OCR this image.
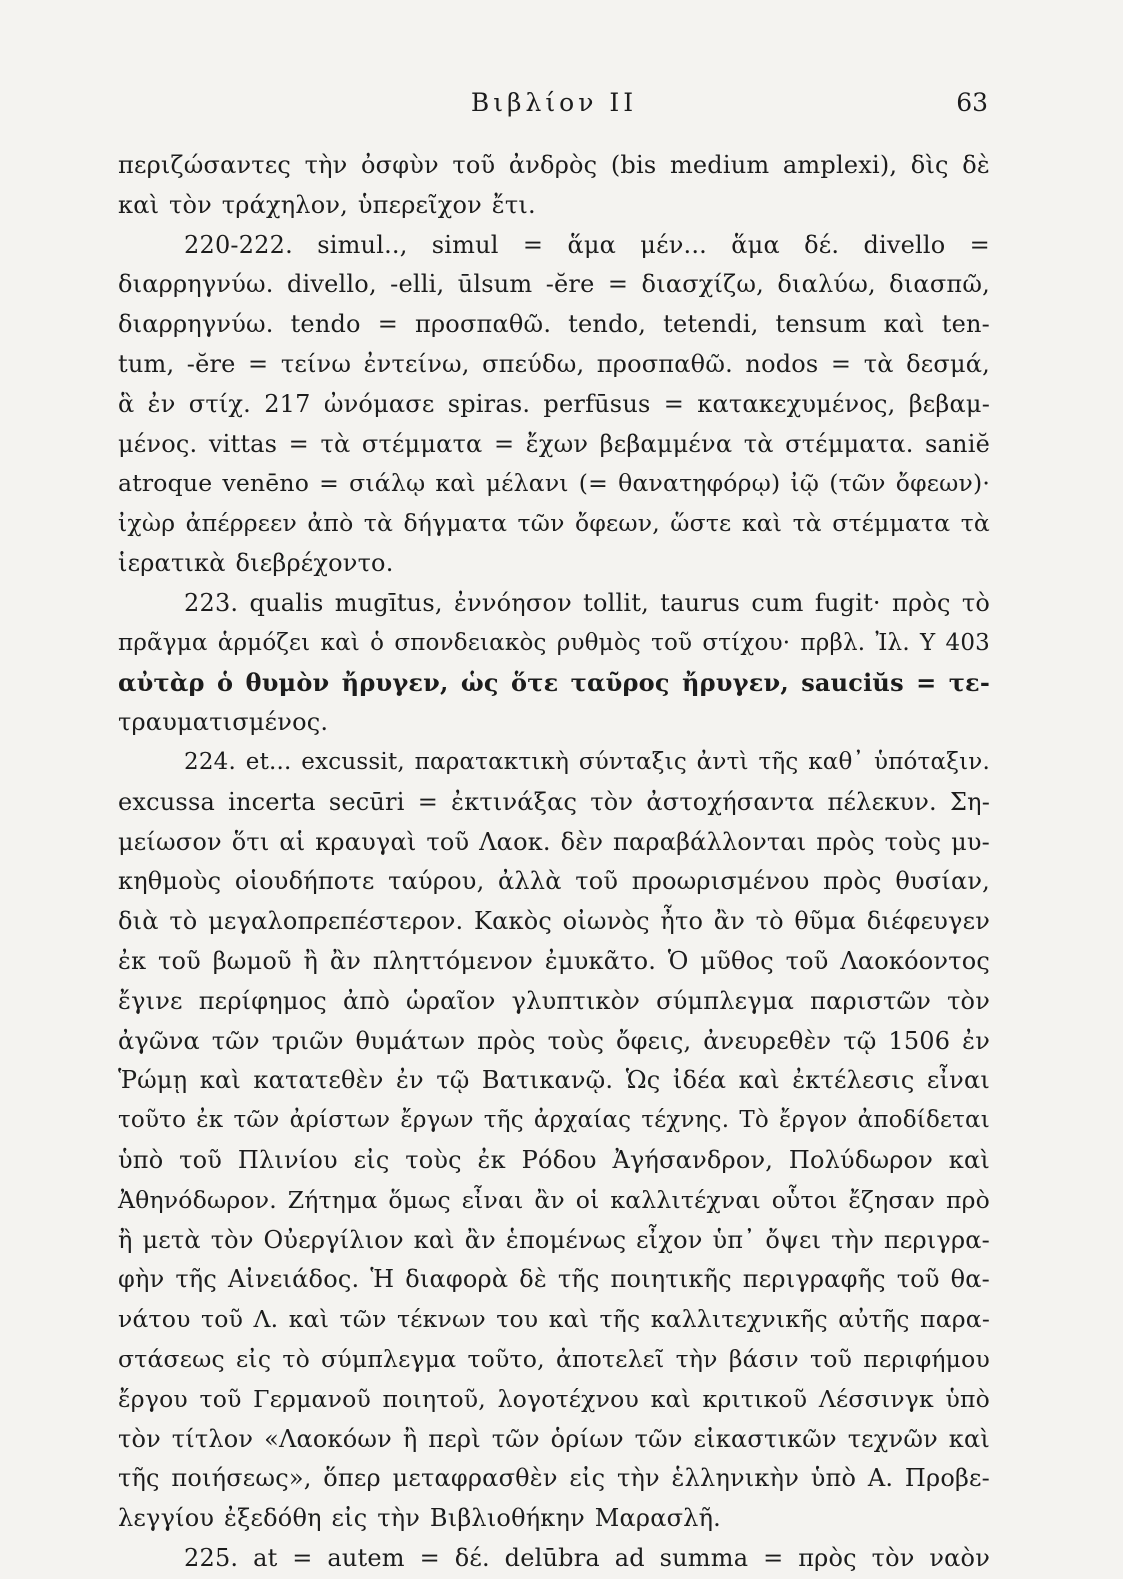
Βιβλίον II	63
περιζώσαντες τὴν ὀσφὺν τοῦ ἀνδρὸς (bis medium amplexi), δὶς δὲ
καὶ τὸν τράχηλον, ὑπερεῖχον ἔτι.
220-222. simul.., simul = ἅμα μέν... ἅμα δέ. divello =
διαρρηγνύω. divello, -elli, ūlsum -ĕre = διασχίζω, διαλύω, διασπῶ,
διαρρηγνύω. tendo = προσπαθῶ. tendo, tetendi, tensum καὶ ten-
tum, -ĕre = τείνω ἐντείνω, σπεύδω, προσπαθῶ. nodos = τὰ δεσμά,
ἃ ἐν στίχ. 217 ὠνόμασε spiras. perfūsus = κατακεχυμένος, βεβαμ-
μένος. vittas = τὰ στέμματα = ἔχων βεβαμμένα τὰ στέμματα. saniĕ
atroque venēno = σιάλῳ καὶ μέλανι (= θανατηφόρῳ) ἰῷ (τῶν ὄφεων)·
ἰχὼρ ἀπέρρεεν ἀπὸ τὰ δήγματα τῶν ὄφεων, ὥστε καὶ τὰ στέμματα τὰ
ἱερατικὰ διεβρέχοντο.
223. qualis mugītus, ἐννόησον tollit, taurus cum fugit· πρὸς τὸ
πρᾶγμα ἁρμόζει καὶ ὁ σπονδειακὸς ρυθμὸς τοῦ στίχου· πρβλ. Ἰλ. Υ 403
αὐτὰρ ὁ θυμὸν ἤρυγεν, ὡς ὅτε ταῦρος ἤρυγεν, sauciŭs = τε-
τραυματισμένος.
224. et... excussit, παρατακτικὴ σύνταξις ἀντὶ τῆς καθ᾽ ὑπόταξιν.
excussa incerta secūri = ἐκτινάξας τὸν ἀστοχήσαντα πέλεκυν. Ση-
μείωσον ὅτι αἱ κραυγαὶ τοῦ Λαοκ. δὲν παραβάλλονται πρὸς τοὺς μυ-
κηθμοὺς οἱουδήποτε ταύρου, ἀλλὰ τοῦ προωρισμένου πρὸς θυσίαν,
διὰ τὸ μεγαλοπρεπέστερον. Κακὸς οἰωνὸς ἦτο ἂν τὸ θῦμα διέφευγεν
ἐκ τοῦ βωμοῦ ἢ ἂν πληττόμενον ἐμυκᾶτο. Ὁ μῦθος τοῦ Λαοκόοντος
ἔγινε περίφημος ἀπὸ ὡραῖον γλυπτικὸν σύμπλεγμα παριστῶν τὸν
ἀγῶνα τῶν τριῶν θυμάτων πρὸς τοὺς ὄφεις, ἀνευρεθὲν τῷ 1506 ἐν
Ῥώμῃ καὶ κατατεθὲν ἐν τῷ Βατικανῷ. Ὡς ἰδέα καὶ ἐκτέλεσις εἶναι
τοῦτο ἐκ τῶν ἀρίστων ἔργων τῆς ἀρχαίας τέχνης. Τὸ ἔργον ἀποδίδεται
ὑπὸ τοῦ Πλινίου εἰς τοὺς ἐκ Ρόδου Ἀγήσανδρον, Πολύδωρον καὶ
Ἀθηνόδωρον. Ζήτημα ὅμως εἶναι ἂν οἱ καλλιτέχναι οὗτοι ἔζησαν πρὸ
ἢ μετὰ τὸν Οὐεργίλιον καὶ ἂν ἑπομένως εἶχον ὑπ᾽ ὄψει τὴν περιγρα-
φὴν τῆς Αἰνειάδος. Ἡ διαφορὰ δὲ τῆς ποιητικῆς περιγραφῆς τοῦ θα-
νάτου τοῦ Λ. καὶ τῶν τέκνων του καὶ τῆς καλλιτεχνικῆς αὐτῆς παρα-
στάσεως εἰς τὸ σύμπλεγμα τοῦτο, ἀποτελεῖ τὴν βάσιν τοῦ περιφήμου
ἔργου τοῦ Γερμανοῦ ποιητοῦ, λογοτέχνου καὶ κριτικοῦ Λέσσινγκ ὑπὸ
τὸν τίτλον «Λαοκόων ἢ περὶ τῶν ὁρίων τῶν εἰκαστικῶν τεχνῶν καὶ
τῆς ποιήσεως», ὅπερ μεταφρασθὲν εἰς τὴν ἑλληνικὴν ὑπὸ Α. Προβε-
λεγγίου ἐξεδόθη εἰς τὴν Βιβλιοθήκην Μαρασλῆ.
225. at = autem = δέ. delūbra ad summa = πρὸς τὸν ναὸν
